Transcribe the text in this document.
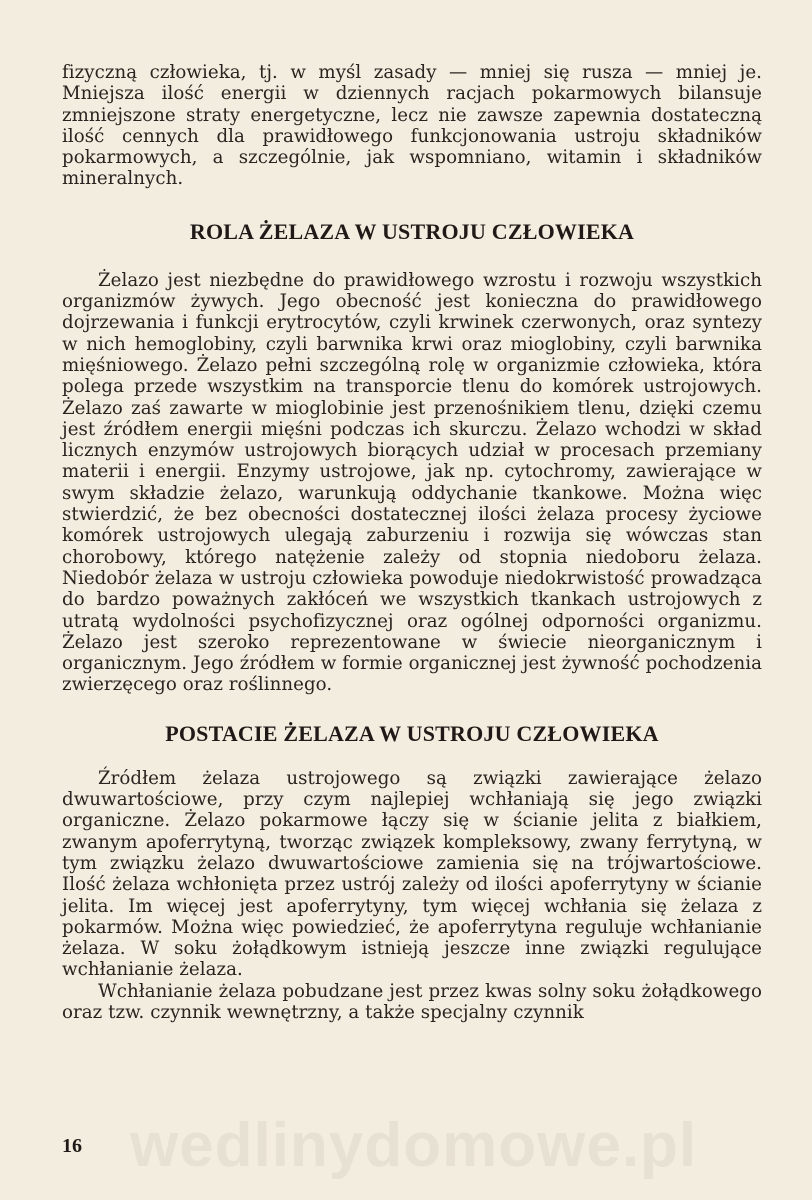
wedlinydomowe.pl

fizyczną człowieka, tj. w myśl zasady — mniej się rusza — mniej je. Mniejsza ilość energii w dziennych racjach pokarmowych bilansuje zmniejszone straty energetyczne, lecz nie zawsze zapewnia dostateczną ilość cennych dla prawidłowego funkcjonowania ustroju składników pokarmowych, a szczególnie, jak wspomniano, witamin i składników mineralnych.

ROLA ŻELAZA W USTROJU CZŁOWIEKA

Żelazo jest niezbędne do prawidłowego wzrostu i rozwoju wszystkich organizmów żywych. Jego obecność jest konieczna do prawidłowego dojrzewania i funkcji erytrocytów, czyli krwinek czerwonych, oraz syntezy w nich hemoglobiny, czyli barwnika krwi oraz mioglobiny, czyli barwnika mięśniowego. Żelazo pełni szczególną rolę w organizmie człowieka, która polega przede wszystkim na transporcie tlenu do komórek ustrojowych. Żelazo zaś zawarte w mioglobinie jest przenośnikiem tlenu, dzięki czemu jest źródłem energii mięśni podczas ich skurczu. Żelazo wchodzi w skład licznych enzymów ustrojowych biorących udział w procesach przemiany materii i energii. Enzymy ustrojowe, jak np. cytochromy, zawierające w swym składzie żelazo, warunkują oddychanie tkankowe. Można więc stwierdzić, że bez obecności dostatecznej ilości żelaza procesy życiowe komórek ustrojowych ulegają zaburzeniu i rozwija się wówczas stan chorobowy, którego natężenie zależy od stopnia niedoboru żelaza. Niedobór żelaza w ustroju człowieka powoduje niedokrwistość prowadząca do bardzo poważnych zakłóceń we wszystkich tkankach ustrojowych z utratą wydolności psychofizycznej oraz ogólnej odporności organizmu. Żelazo jest szeroko reprezentowane w świecie nieorganicznym i organicznym. Jego źródłem w formie organicznej jest żywność pochodzenia zwierzęcego oraz roślinnego.

POSTACIE ŻELAZA W USTROJU CZŁOWIEKA

Źródłem żelaza ustrojowego są związki zawierające żelazo dwuwartościowe, przy czym najlepiej wchłaniają się jego związki organiczne. Żelazo pokarmowe łączy się w ścianie jelita z białkiem, zwanym apoferrytyną, tworząc związek kompleksowy, zwany ferrytyną, w tym związku żelazo dwuwartościowe zamienia się na trójwartościowe. Ilość żelaza wchłonięta przez ustrój zależy od ilości apoferrytyny w ścianie jelita. Im więcej jest apoferrytyny, tym więcej wchłania się żelaza z pokarmów. Można więc powiedzieć, że apoferrytyna reguluje wchłanianie żelaza. W soku żołądkowym istnieją jeszcze inne związki regulujące wchłanianie żelaza.

Wchłanianie żelaza pobudzane jest przez kwas solny soku żołądkowego oraz tzw. czynnik wewnętrzny, a także specjalny czynnik

16
